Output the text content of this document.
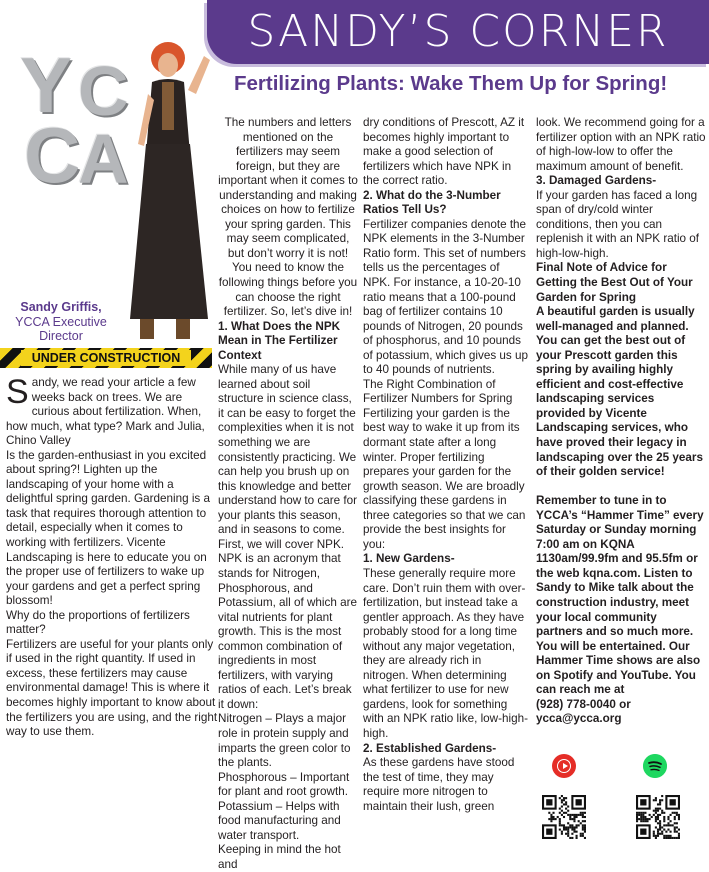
SANDY’S CORNER
Fertilizing Plants: Wake Them Up for Spring!
Y C
C
A
Sandy Griffis,
YCCA Executive Director
UNDER CONSTRUCTION

Sandy, we read your article a few weeks back on trees. We are curious about fertilization. When, how much, what type? Mark and Julia, Chino Valley

Is the garden-enthusiast in you excited about spring?! Lighten up the landscaping of your home with a delightful spring garden. Gardening is a task that requires thorough attention to detail, especially when it comes to working with fertilizers. Vicente Landscaping is here to educate you on the proper use of fertilizers to wake up your gardens and get a perfect spring blossom!

Why do the proportions of fertilizers matter?

Fertilizers are useful for your plants only if used in the right quantity. If used in excess, these fertilizers may cause environmental damage! This is where it becomes highly important to know about the fertilizers you are using, and the right way to use them.

The numbers and letters mentioned on the fertilizers may seem foreign, but they are important when it comes to understanding and making choices on how to fertilize your spring garden. This may seem complicated, but don’t worry it is not! You need to know the following things before you can choose the right fertilizer. So, let’s dive in!

1. What Does the NPK Mean in The Fertilizer Context

While many of us have learned about soil structure in science class, it can be easy to forget the complexities when it is not something we are consistently practicing. We can help you brush up on this knowledge and better understand how to care for your plants this season, and in seasons to come.

First, we will cover NPK. NPK is an acronym that stands for Nitrogen, Phosphorous, and Potassium, all of which are vital nutrients for plant growth. This is the most common combination of ingredients in most fertilizers, with varying ratios of each. Let’s break it down:

Nitrogen – Plays a major role in protein supply and imparts the green color to the plants.

Phosphorous – Important for plant and root growth.

Potassium – Helps with food manufacturing and water transport.

Keeping in mind the hot and

dry conditions of Prescott, AZ it becomes highly important to make a good selection of fertilizers which have NPK in the correct ratio.

2. What do the 3-Number Ratios Tell Us?

Fertilizer companies denote the NPK elements in the 3-Number Ratio form. This set of numbers tells us the percentages of NPK. For instance, a 10-20-10 ratio means that a 100-pound bag of fertilizer contains 10 pounds of Nitrogen, 20 pounds of phosphorus, and 10 pounds of potassium, which gives us up to 40 pounds of nutrients.

The Right Combination of Fertilizer Numbers for Spring

Fertilizing your garden is the best way to wake it up from its dormant state after a long winter. Proper fertilizing prepares your garden for the growth season. We are broadly classifying these gardens in three categories so that we can provide the best insights for you:

1. New Gardens-

These generally require more care. Don’t ruin them with over-fertilization, but instead take a gentler approach. As they have probably stood for a long time without any major vegetation, they are already rich in nitrogen. When determining what fertilizer to use for new gardens, look for something with an NPK ratio like, low-high-high.

2. Established Gardens-

As these gardens have stood the test of time, they may require more nitrogen to maintain their lush, green

look. We recommend going for a fertilizer option with an NPK ratio of high-low-low to offer the maximum amount of benefit.

3. Damaged Gardens-

If your garden has faced a long span of dry/cold winter conditions, then you can replenish it with an NPK ratio of high-low-high.

Final Note of Advice for Getting the Best Out of Your Garden for Spring

A beautiful garden is usually well-managed and planned. You can get the best out of your Prescott garden this spring by availing highly efficient and cost-effective landscaping services provided by Vicente Landscaping services, who have proved their legacy in landscaping over the 25 years of their golden service!

Remember to tune in to YCCA’s “Hammer Time” every Saturday or Sunday morning 7:00 am on KQNA 1130am/99.9fm and 95.5fm or the web kqna.com. Listen to Sandy to Mike talk about the construction industry, meet your local community partners and so much more. You will be entertained. Our Hammer Time shows are also on Spotify and YouTube. You can reach me at

(928) 778-0040 or

ycca@ycca.org
